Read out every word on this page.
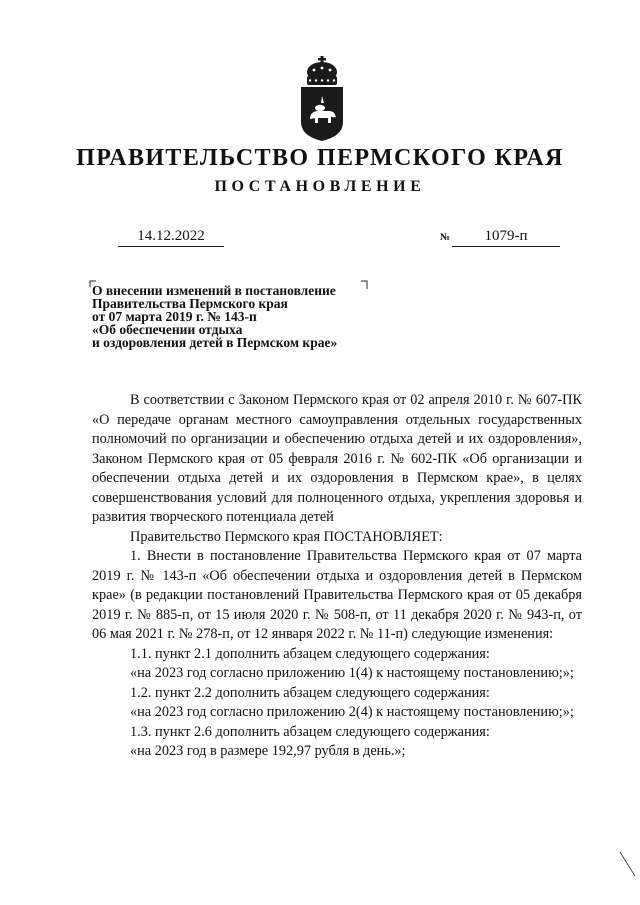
ПРАВИТЕЛЬСТВО ПЕРМСКОГО КРАЯ
ПОСТАНОВЛЕНИЕ
14.12.2022	№	1079-п
О внесении изменений в постановление
Правительства Пермского края
от 07 марта 2019 г. № 143-п
«Об обеспечении отдыха
и оздоровления детей в Пермском крае»

В соответствии с Законом Пермского края от 02 апреля 2010 г. № 607-ПК «О передаче органам местного самоуправления отдельных государственных полномочий по организации и обеспечению отдыха детей и их оздоровления», Законом Пермского края от 05 февраля 2016 г. № 602-ПК «Об организации и обеспечении отдыха детей и их оздоровления в Пермском крае», в целях совершенствования условий для полноценного отдыха, укрепления здоровья и развития творческого потенциала детей

Правительство Пермского края ПОСТАНОВЛЯЕТ:

1. Внести в постановление Правительства Пермского края от 07 марта 2019 г. № 143-п «Об обеспечении отдыха и оздоровления детей в Пермском крае» (в редакции постановлений Правительства Пермского края от 05 декабря 2019 г. № 885-п, от 15 июля 2020 г. № 508-п, от 11 декабря 2020 г. № 943-п, от 06 мая 2021 г. № 278-п, от 12 января 2022 г. № 11-п) следующие изменения:

1.1. пункт 2.1 дополнить абзацем следующего содержания:

«на 2023 год согласно приложению 1(4) к настоящему постановлению;»;

1.2. пункт 2.2 дополнить абзацем следующего содержания:

«на 2023 год согласно приложению 2(4) к настоящему постановлению;»;

1.3. пункт 2.6 дополнить абзацем следующего содержания:

«на 2023 год в размере 192,97 рубля в день.»;
